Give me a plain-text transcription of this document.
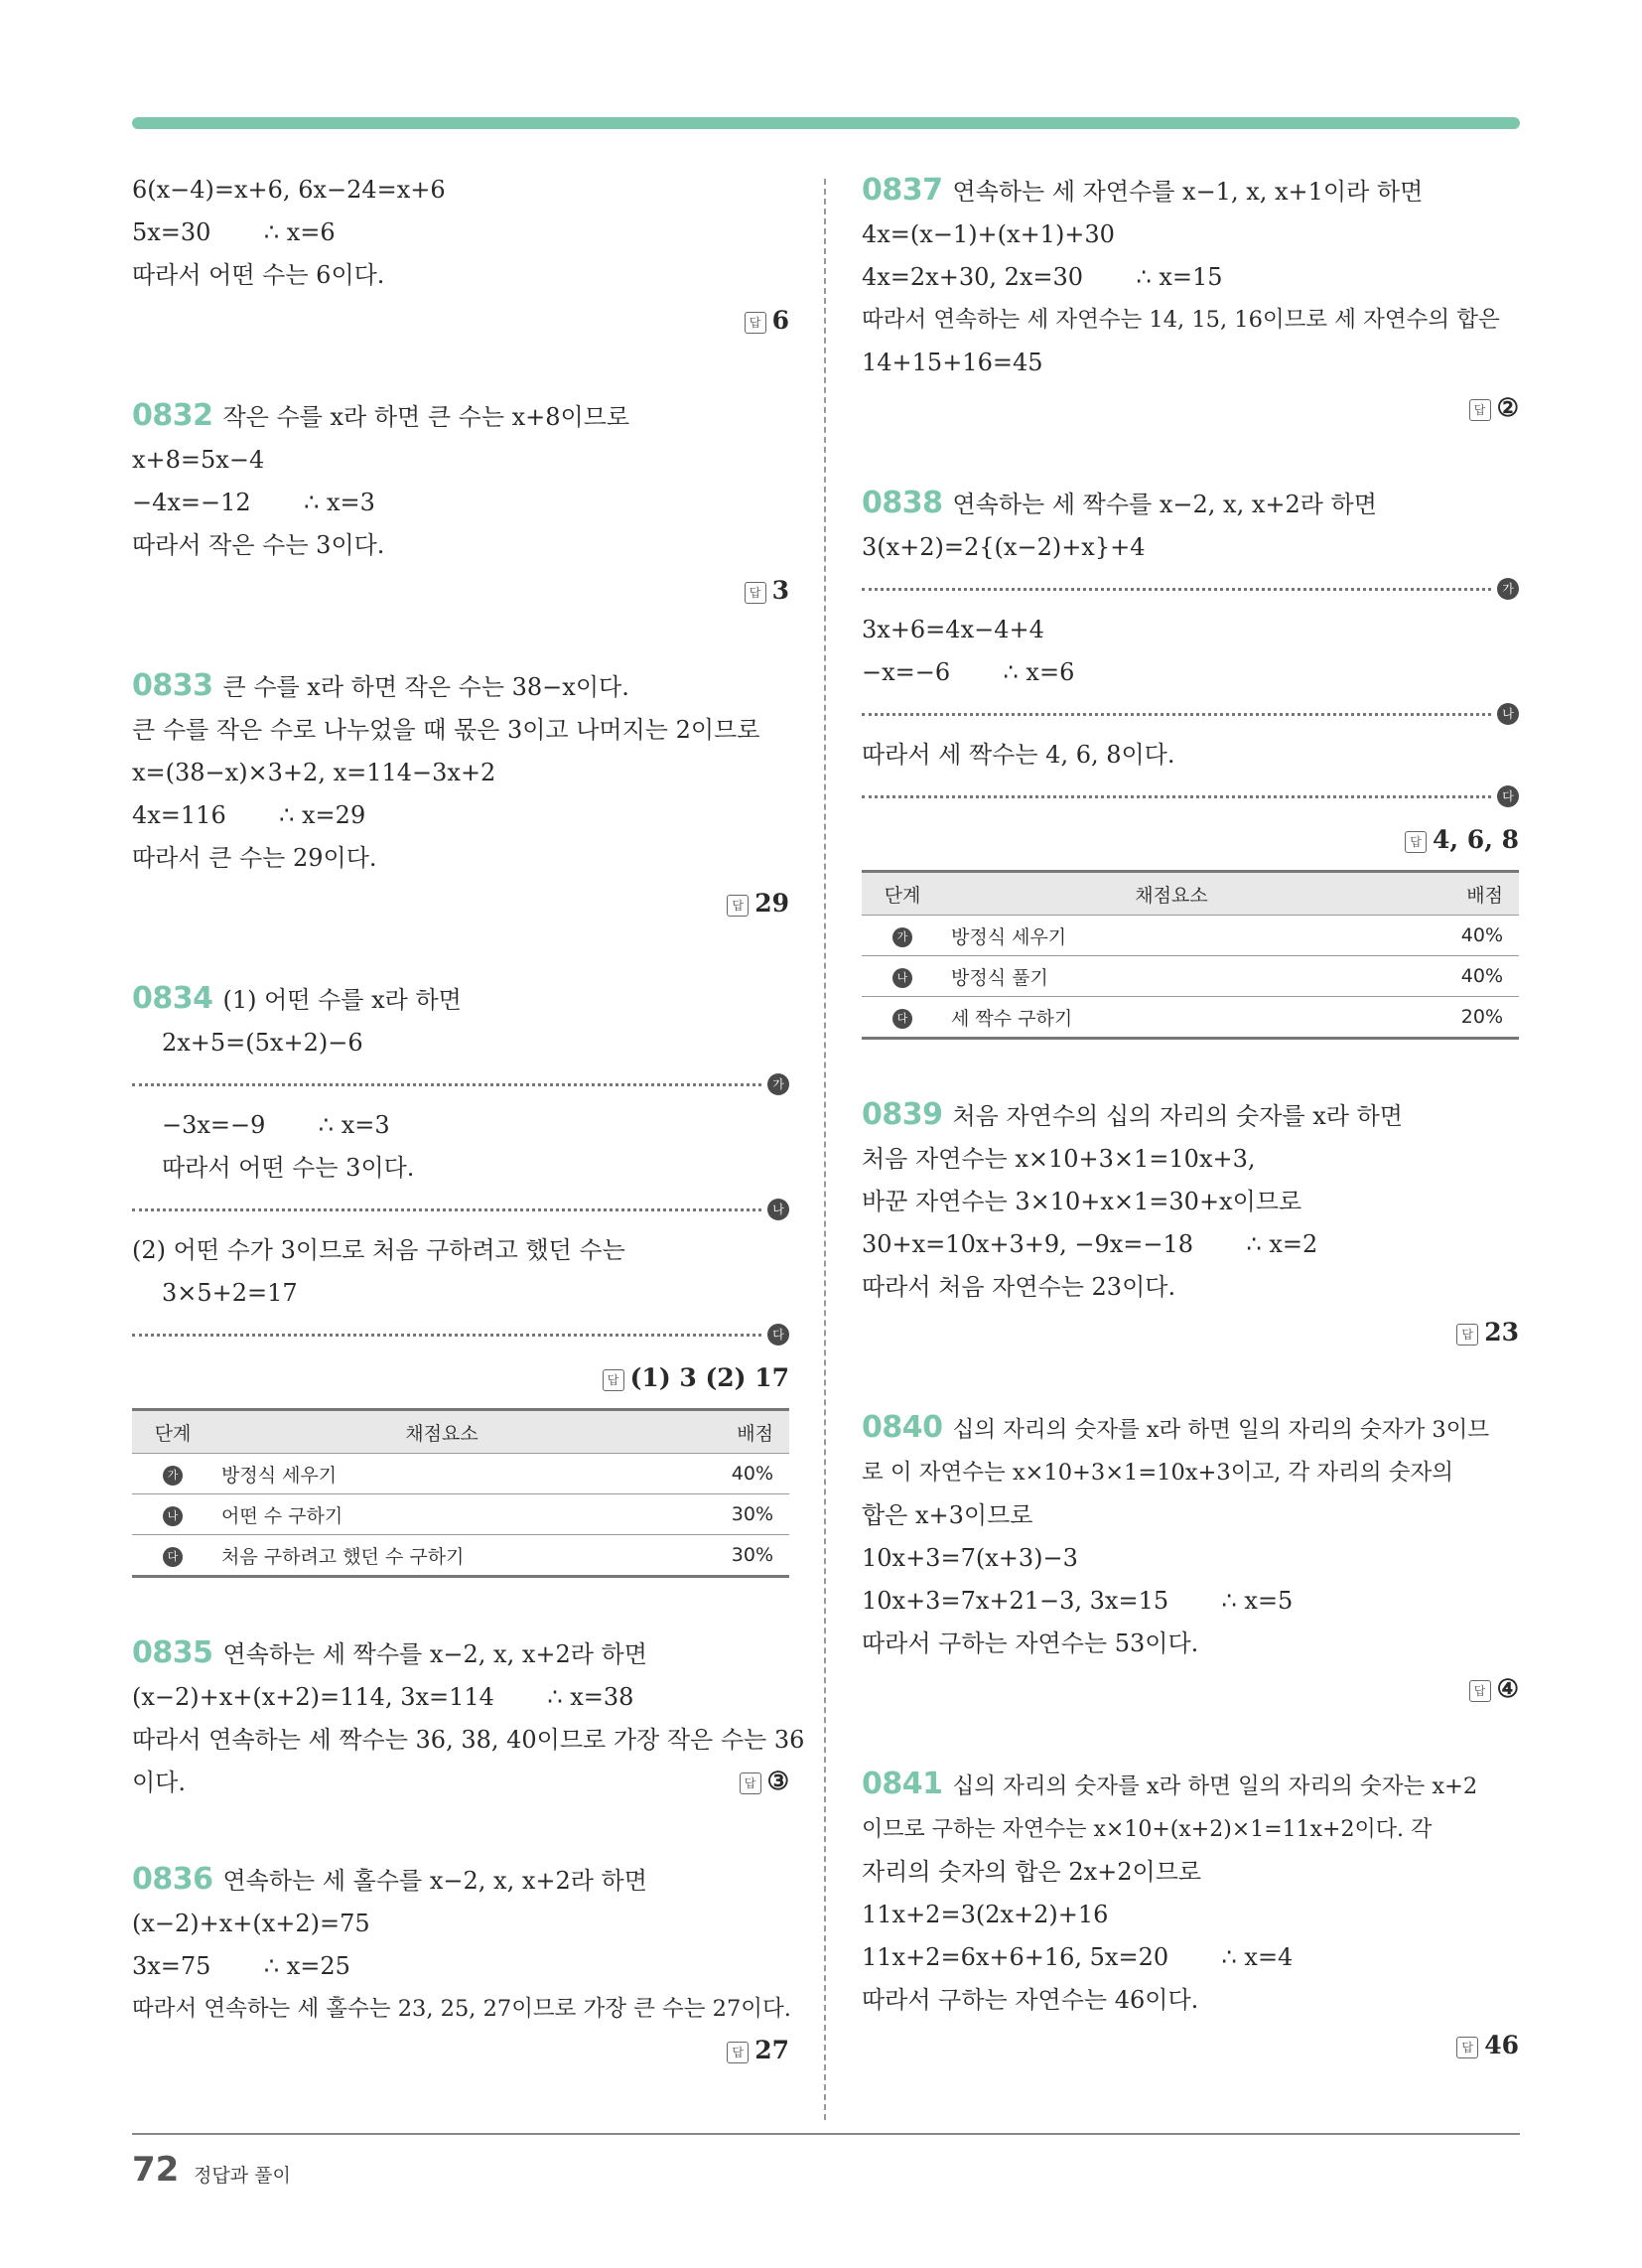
6(x−4)=x+6, 6x−24=x+6
5x=30       ∴ x=6
따라서 어떤 수는 6이다.
답 6
0832 작은 수를 x라 하면 큰 수는 x+8이므로
x+8=5x−4
−4x=−12       ∴ x=3
따라서 작은 수는 3이다.
답 3
0833 큰 수를 x라 하면 작은 수는 38−x이다.
큰 수를 작은 수로 나누었을 때 몫은 3이고 나머지는 2이므로
x=(38−x)×3+2, x=114−3x+2
4x=116       ∴ x=29
따라서 큰 수는 29이다.
답 29
0834 (1) 어떤 수를 x라 하면
2x+5=(5x+2)−6
가
−3x=−9       ∴ x=3
따라서 어떤 수는 3이다.
나
(2) 어떤 수가 3이므로 처음 구하려고 했던 수는
3×5+2=17
다
답 (1) 3 (2) 17
단계	채점요소	배점
가	방정식 세우기	40%
나	어떤 수 구하기	30%
다	처음 구하려고 했던 수 구하기	30%
0835 연속하는 세 짝수를 x−2, x, x+2라 하면
(x−2)+x+(x+2)=114, 3x=114       ∴ x=38
따라서 연속하는 세 짝수는 36, 38, 40이므로 가장 작은 수는 36
이다.	답 ③
0836 연속하는 세 홀수를 x−2, x, x+2라 하면
(x−2)+x+(x+2)=75
3x=75       ∴ x=25
따라서 연속하는 세 홀수는 23, 25, 27이므로 가장 큰 수는 27이다.
답 27
0837 연속하는 세 자연수를 x−1, x, x+1이라 하면
4x=(x−1)+(x+1)+30
4x=2x+30, 2x=30       ∴ x=15
따라서 연속하는 세 자연수는 14, 15, 16이므로 세 자연수의 합은
14+15+16=45
답 ②
0838 연속하는 세 짝수를 x−2, x, x+2라 하면
3(x+2)=2{(x−2)+x}+4
가
3x+6=4x−4+4
−x=−6       ∴ x=6
나
따라서 세 짝수는 4, 6, 8이다.
다
답 4, 6, 8
단계	채점요소	배점
가	방정식 세우기	40%
나	방정식 풀기	40%
다	세 짝수 구하기	20%
0839 처음 자연수의 십의 자리의 숫자를 x라 하면
처음 자연수는 x×10+3×1=10x+3,
바꾼 자연수는 3×10+x×1=30+x이므로
30+x=10x+3+9, −9x=−18       ∴ x=2
따라서 처음 자연수는 23이다.
답 23
0840 십의 자리의 숫자를 x라 하면 일의 자리의 숫자가 3이므
로 이 자연수는 x×10+3×1=10x+3이고, 각 자리의 숫자의
합은 x+3이므로
10x+3=7(x+3)−3
10x+3=7x+21−3, 3x=15       ∴ x=5
따라서 구하는 자연수는 53이다.
답 ④
0841 십의 자리의 숫자를 x라 하면 일의 자리의 숫자는 x+2
이므로 구하는 자연수는 x×10+(x+2)×1=11x+2이다. 각
자리의 숫자의 합은 2x+2이므로
11x+2=3(2x+2)+16
11x+2=6x+6+16, 5x=20       ∴ x=4
따라서 구하는 자연수는 46이다.
답 46
72 정답과 풀이
